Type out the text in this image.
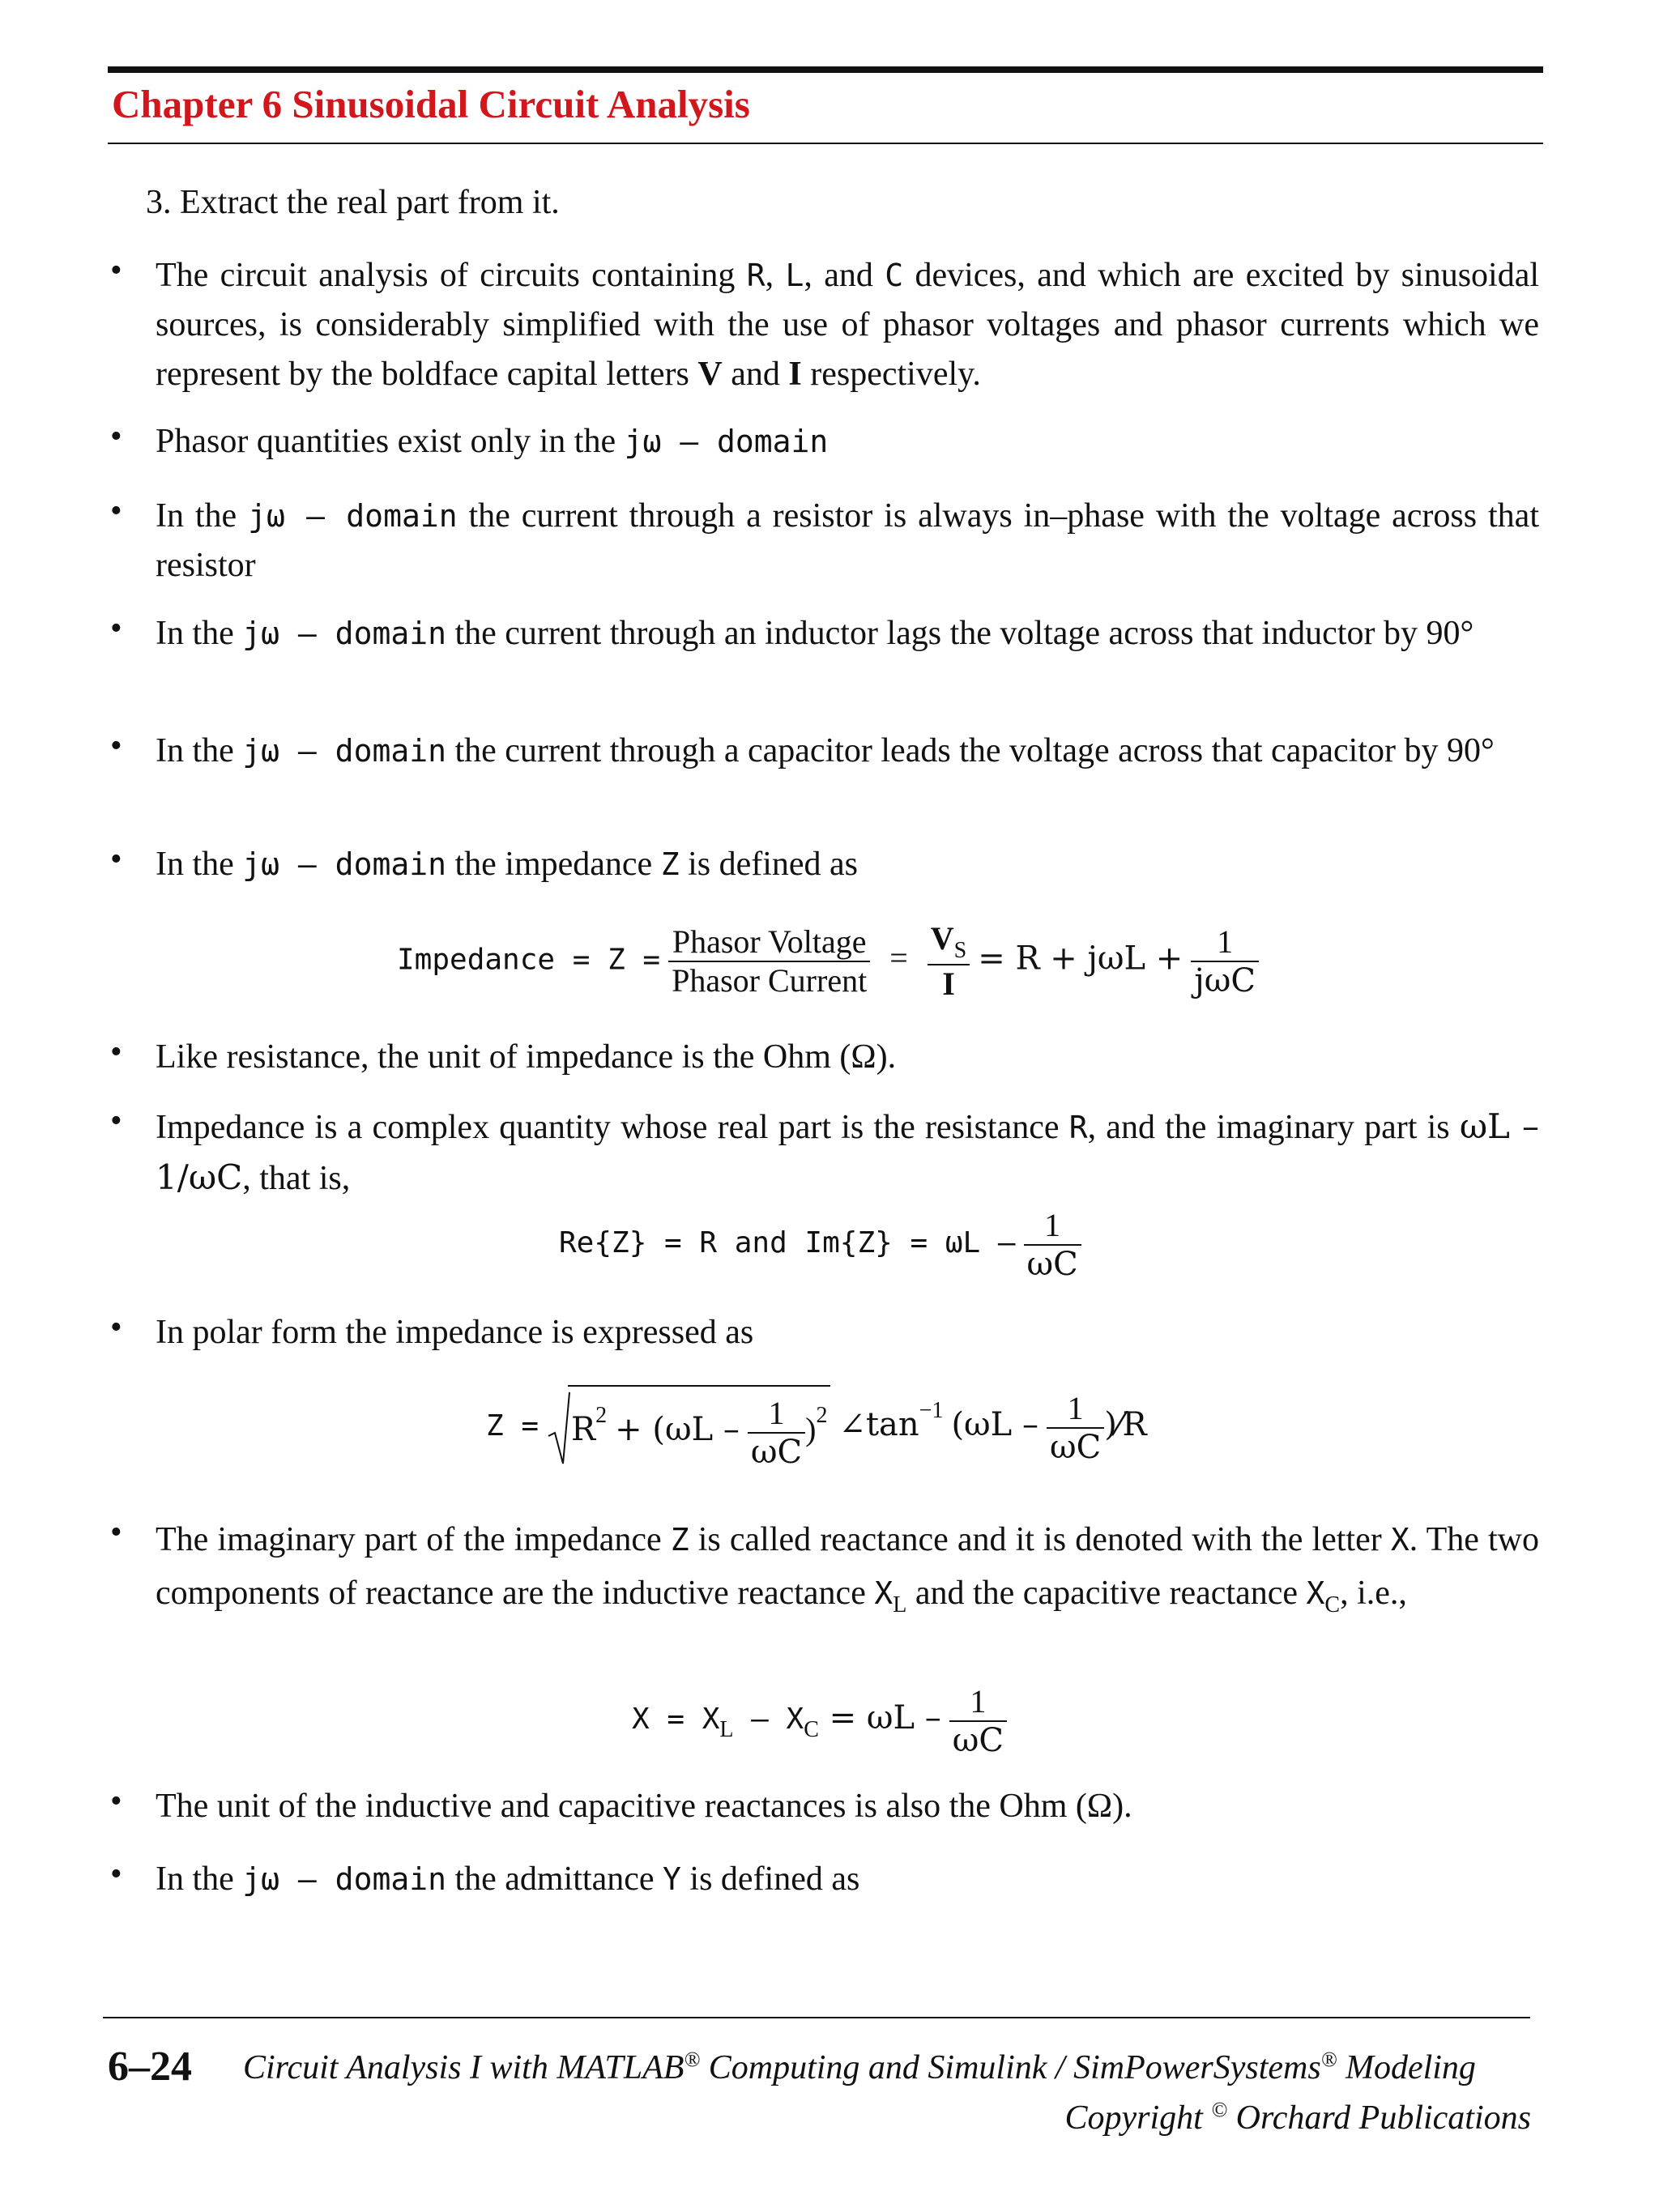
Chapter 6 Sinusoidal Circuit Analysis
3. Extract the real part from it.
• The circuit analysis of circuits containing R, L, and C devices, and which are excited by sinusoidal sources, is considerably simplified with the use of phasor voltages and phasor currents which we represent by the boldface capital letters V and I respectively.
• Phasor quantities exist only in the jω – domain
• In the jω – domain the current through a resistor is always in–phase with the voltage across that resistor
• In the jω – domain the current through an inductor lags the voltage across that inductor by 90°
• In the jω – domain the current through a capacitor leads the voltage across that capacitor by 90°
• In the jω – domain the impedance Z is defined as
Impedance = $Z = \frac{\text{Phasor Voltage}}{\text{Phasor Current}} = \frac{V_S}{I} = R + j\omega L + \frac{1}{\text{jωC}}$
• Like resistance, the unit of impedance is the Ohm (Ω).
• Impedance is a complex quantity whose real part is the resistance R, and the imaginary part is ωL – 1/ωC, that is,
Re{Z} = R and $Im\{Z\} = \omega L - \frac{1}{\omega C}$
• In polar form the impedance is expressed as
$Z = R^2 + (\omega L - \frac{1}{\omega C} )^2$ $\angle\tan^{-1}$ ($\omega L - \frac{1}{\omega C}$ )⁄R
• The imaginary part of the impedance Z is called reactance and it is denoted with the letter X. The two components of reactance are the inductive reactance $X_L$ and the capacitive reactance $X_C$, i.e.,
$X = X_L - X_C = \omega L - \frac{1}{\omega C}$
• The unit of the inductive and capacitive reactances is also the Ohm (Ω).
• In the jω – domain the admittance Y is defined as
6–24 Circuit Analysis I with MATLAB® Computing and Simulink / SimPowerSystems® Modeling
Copyright © Orchard Publications
